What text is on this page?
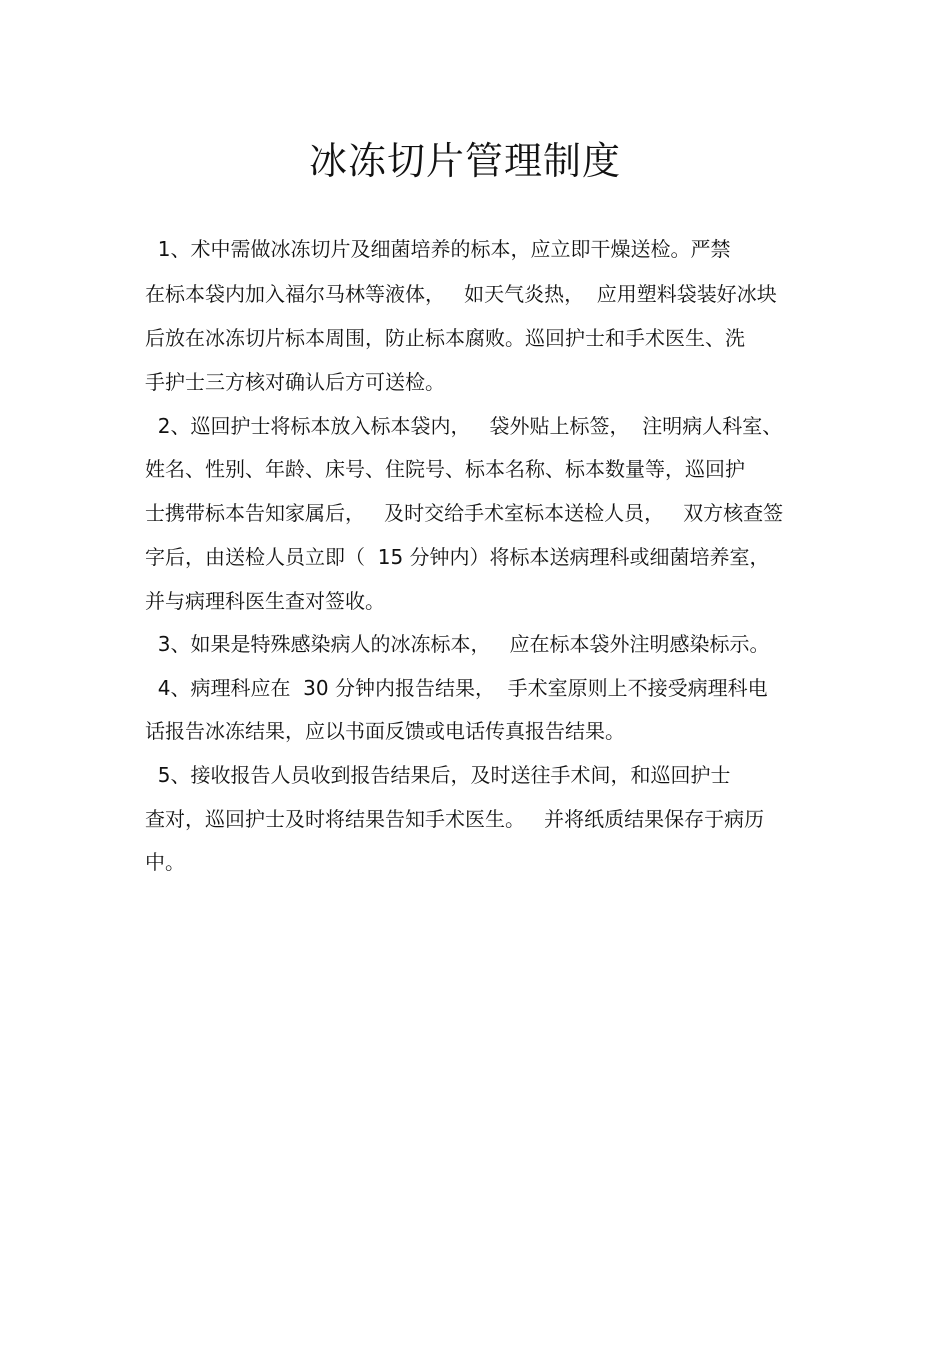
冰冻切片管理制度
1、术中需做冰冻切片及细菌培养的标本，应立即干燥送检。严禁
在标本袋内加入福尔马林等液体，   如天气炎热，  应用塑料袋装好冰块
后放在冰冻切片标本周围，防止标本腐败。巡回护士和手术医生、洗
手护士三方核对确认后方可送检。
2、巡回护士将标本放入标本袋内，   袋外贴上标签，  注明病人科室、
姓名、性别、年龄、床号、住院号、标本名称、标本数量等，巡回护
士携带标本告知家属后，   及时交给手术室标本送检人员，   双方核查签
字后，由送检人员立即（  15 分钟内）将标本送病理科或细菌培养室，
并与病理科医生查对签收。
3、如果是特殊感染病人的冰冻标本，   应在标本袋外注明感染标示。
4、病理科应在  30 分钟内报告结果，  手术室原则上不接受病理科电
话报告冰冻结果，应以书面反馈或电话传真报告结果。
5、接收报告人员收到报告结果后，及时送往手术间，和巡回护士
查对，巡回护士及时将结果告知手术医生。   并将纸质结果保存于病历
中。
